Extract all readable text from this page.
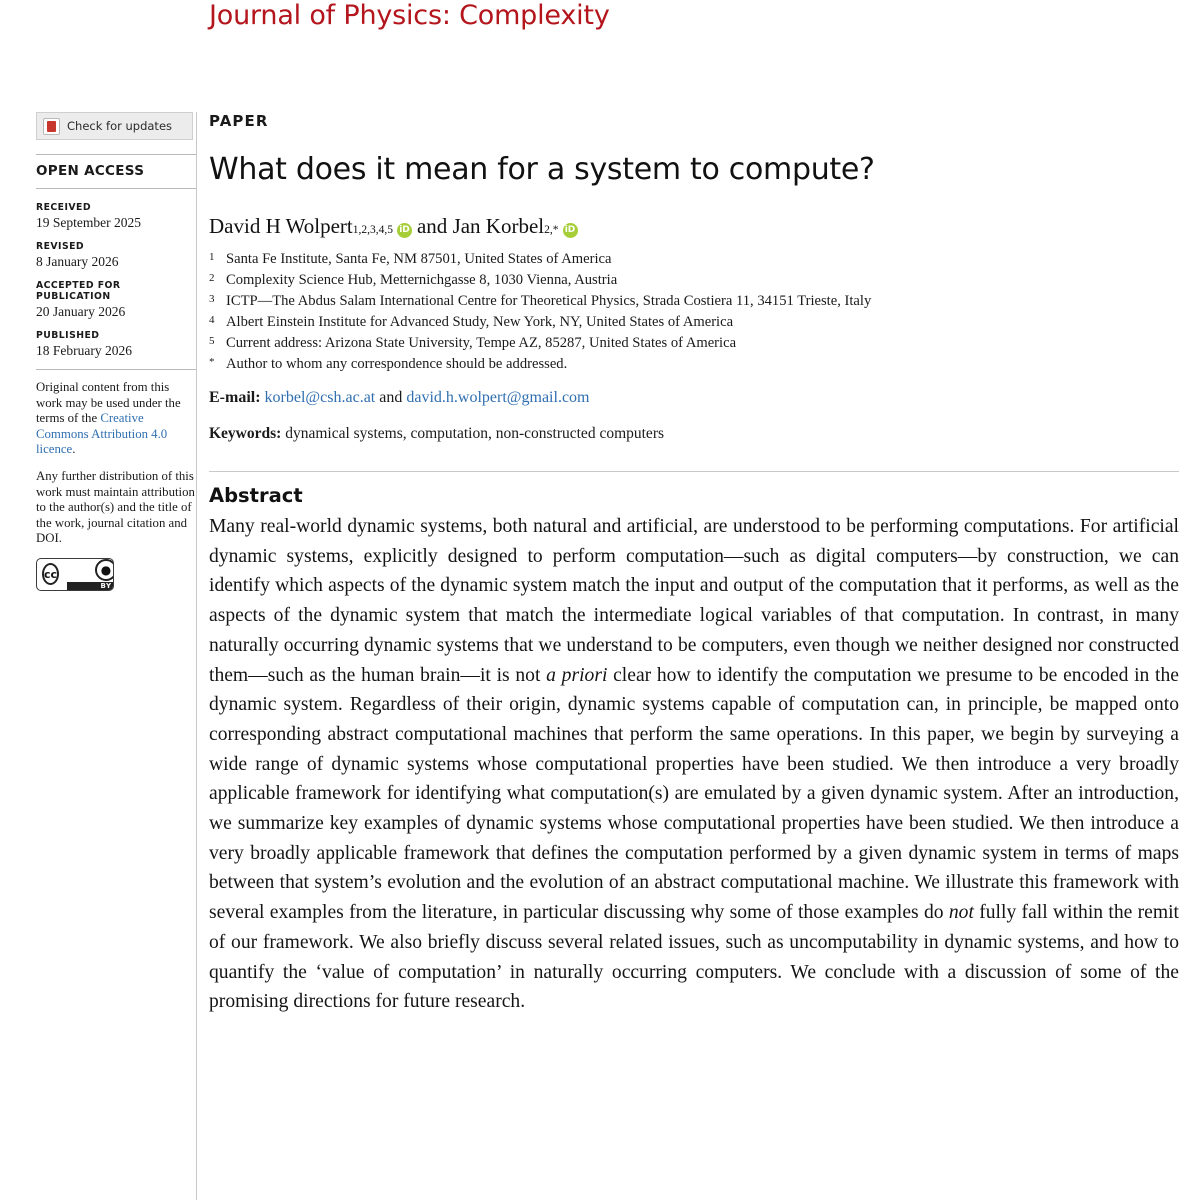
Journal of Physics: Complexity
Check for updates
OPEN ACCESS
RECEIVED
19 September 2025
REVISED
8 January 2026
ACCEPTED FOR PUBLICATION
20 January 2026
PUBLISHED
18 February 2026

Original content from this work may be used under the terms of the Creative Commons Attribution 4.0 licence.

Any further distribution of this work must maintain attribution to the author(s) and the title of the work, journal citation and DOI.

cc	●
BY
PAPER
What does it mean for a system to compute?
David H Wolpert 1,2,3,4,5 iD and
Jan Korbel 2,* iD
1 Santa Fe Institute, Santa Fe, NM 87501, United States of America
2 Complexity Science Hub, Metternichgasse 8, 1030 Vienna, Austria
3 ICTP—The Abdus Salam International Centre for Theoretical Physics, Strada Costiera 11, 34151 Trieste, Italy
4 Albert Einstein Institute for Advanced Study, New York, NY, United States of America
5 Current address: Arizona State University, Tempe AZ, 85287, United States of America
* Author to whom any correspondence should be addressed.
E-mail: korbel@csh.ac.at and david.h.wolpert@gmail.com
Keywords: dynamical systems, computation, non-constructed computers
Abstract
Many real-world dynamic systems, both natural and artificial, are understood to be performing computations. For artificial dynamic systems, explicitly designed to perform computation—such as digital computers—by construction, we can identify which aspects of the dynamic system match the input and output of the computation that it performs, as well as the aspects of the dynamic system that match the intermediate logical variables of that computation. In contrast, in many naturally occurring dynamic systems that we understand to be computers, even though we neither designed nor constructed them—such as the human brain—it is not a priori clear how to identify the computation we presume to be encoded in the dynamic system. Regardless of their origin, dynamic systems capable of computation can, in principle, be mapped onto corresponding abstract computational machines that perform the same operations. In this paper, we begin by surveying a wide range of dynamic systems whose computational properties have been studied. We then introduce a very broadly applicable framework for identifying what computation(s) are emulated by a given dynamic system. After an introduction, we summarize key examples of dynamic systems whose computational properties have been studied. We then introduce a very broadly applicable framework that defines the computation performed by a given dynamic system in terms of maps between that system’s evolution and the evolution of an abstract computational machine. We illustrate this framework with several examples from the literature, in particular discussing why some of those examples do not fully fall within the remit of our framework. We also briefly discuss several related issues, such as uncomputability in dynamic systems, and how to quantify the ‘value of computation’ in naturally occurring computers. We conclude with a discussion of some of the promising directions for future research.
